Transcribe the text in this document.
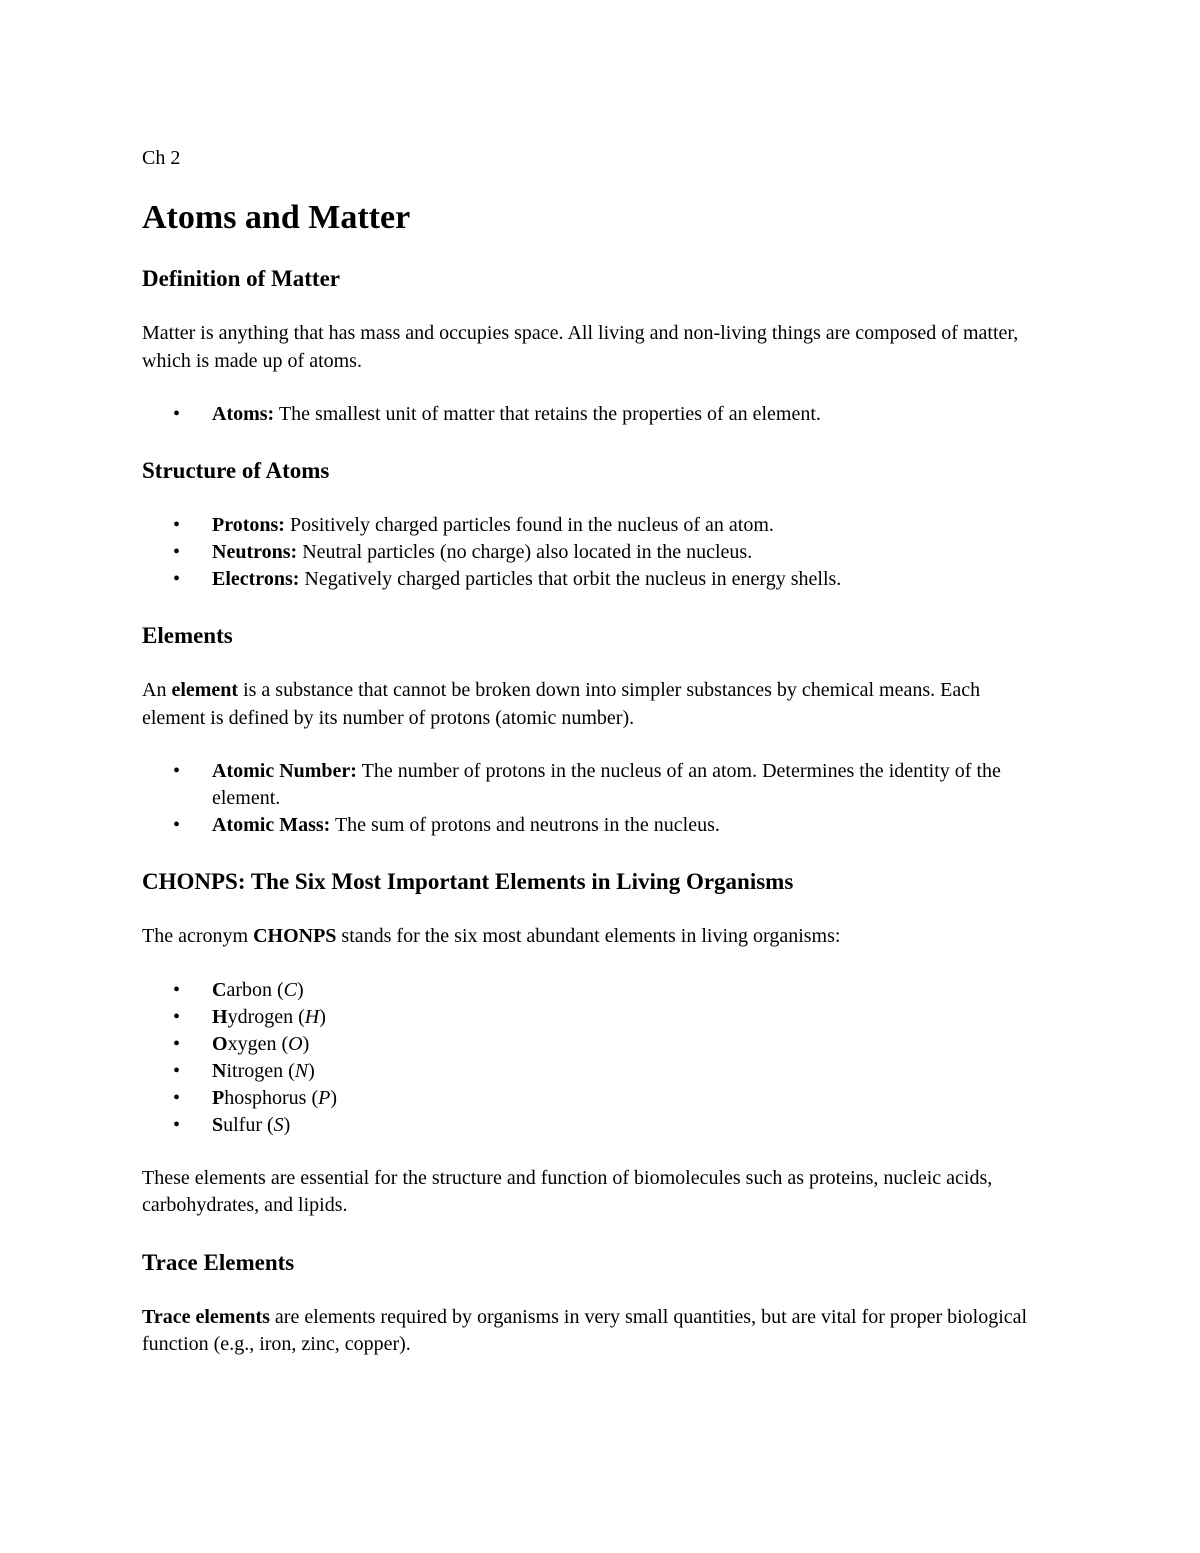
Ch 2

Atoms and Matter
Definition of Matter

Matter is anything that has mass and occupies space. All living and non-living things are composed of matter, which is made up of atoms.

• Atoms: The smallest unit of matter that retains the properties of an element.
Structure of Atoms
• Protons: Positively charged particles found in the nucleus of an atom.
• Neutrons: Neutral particles (no charge) also located in the nucleus.
• Electrons: Negatively charged particles that orbit the nucleus in energy shells.
Elements

An element is a substance that cannot be broken down into simpler substances by chemical means. Each element is defined by its number of protons (atomic number).

• Atomic Number: The number of protons in the nucleus of an atom. Determines the identity of the element.
• Atomic Mass: The sum of protons and neutrons in the nucleus.
CHONPS: The Six Most Important Elements in Living Organisms

The acronym CHONPS stands for the six most abundant elements in living organisms:

• Carbon (C)
• Hydrogen (H)
• Oxygen (O)
• Nitrogen (N)
• Phosphorus (P)
• Sulfur (S)

These elements are essential for the structure and function of biomolecules such as proteins, nucleic acids, carbohydrates, and lipids.

Trace Elements

Trace elements are elements required by organisms in very small quantities, but are vital for proper biological function (e.g., iron, zinc, copper).
